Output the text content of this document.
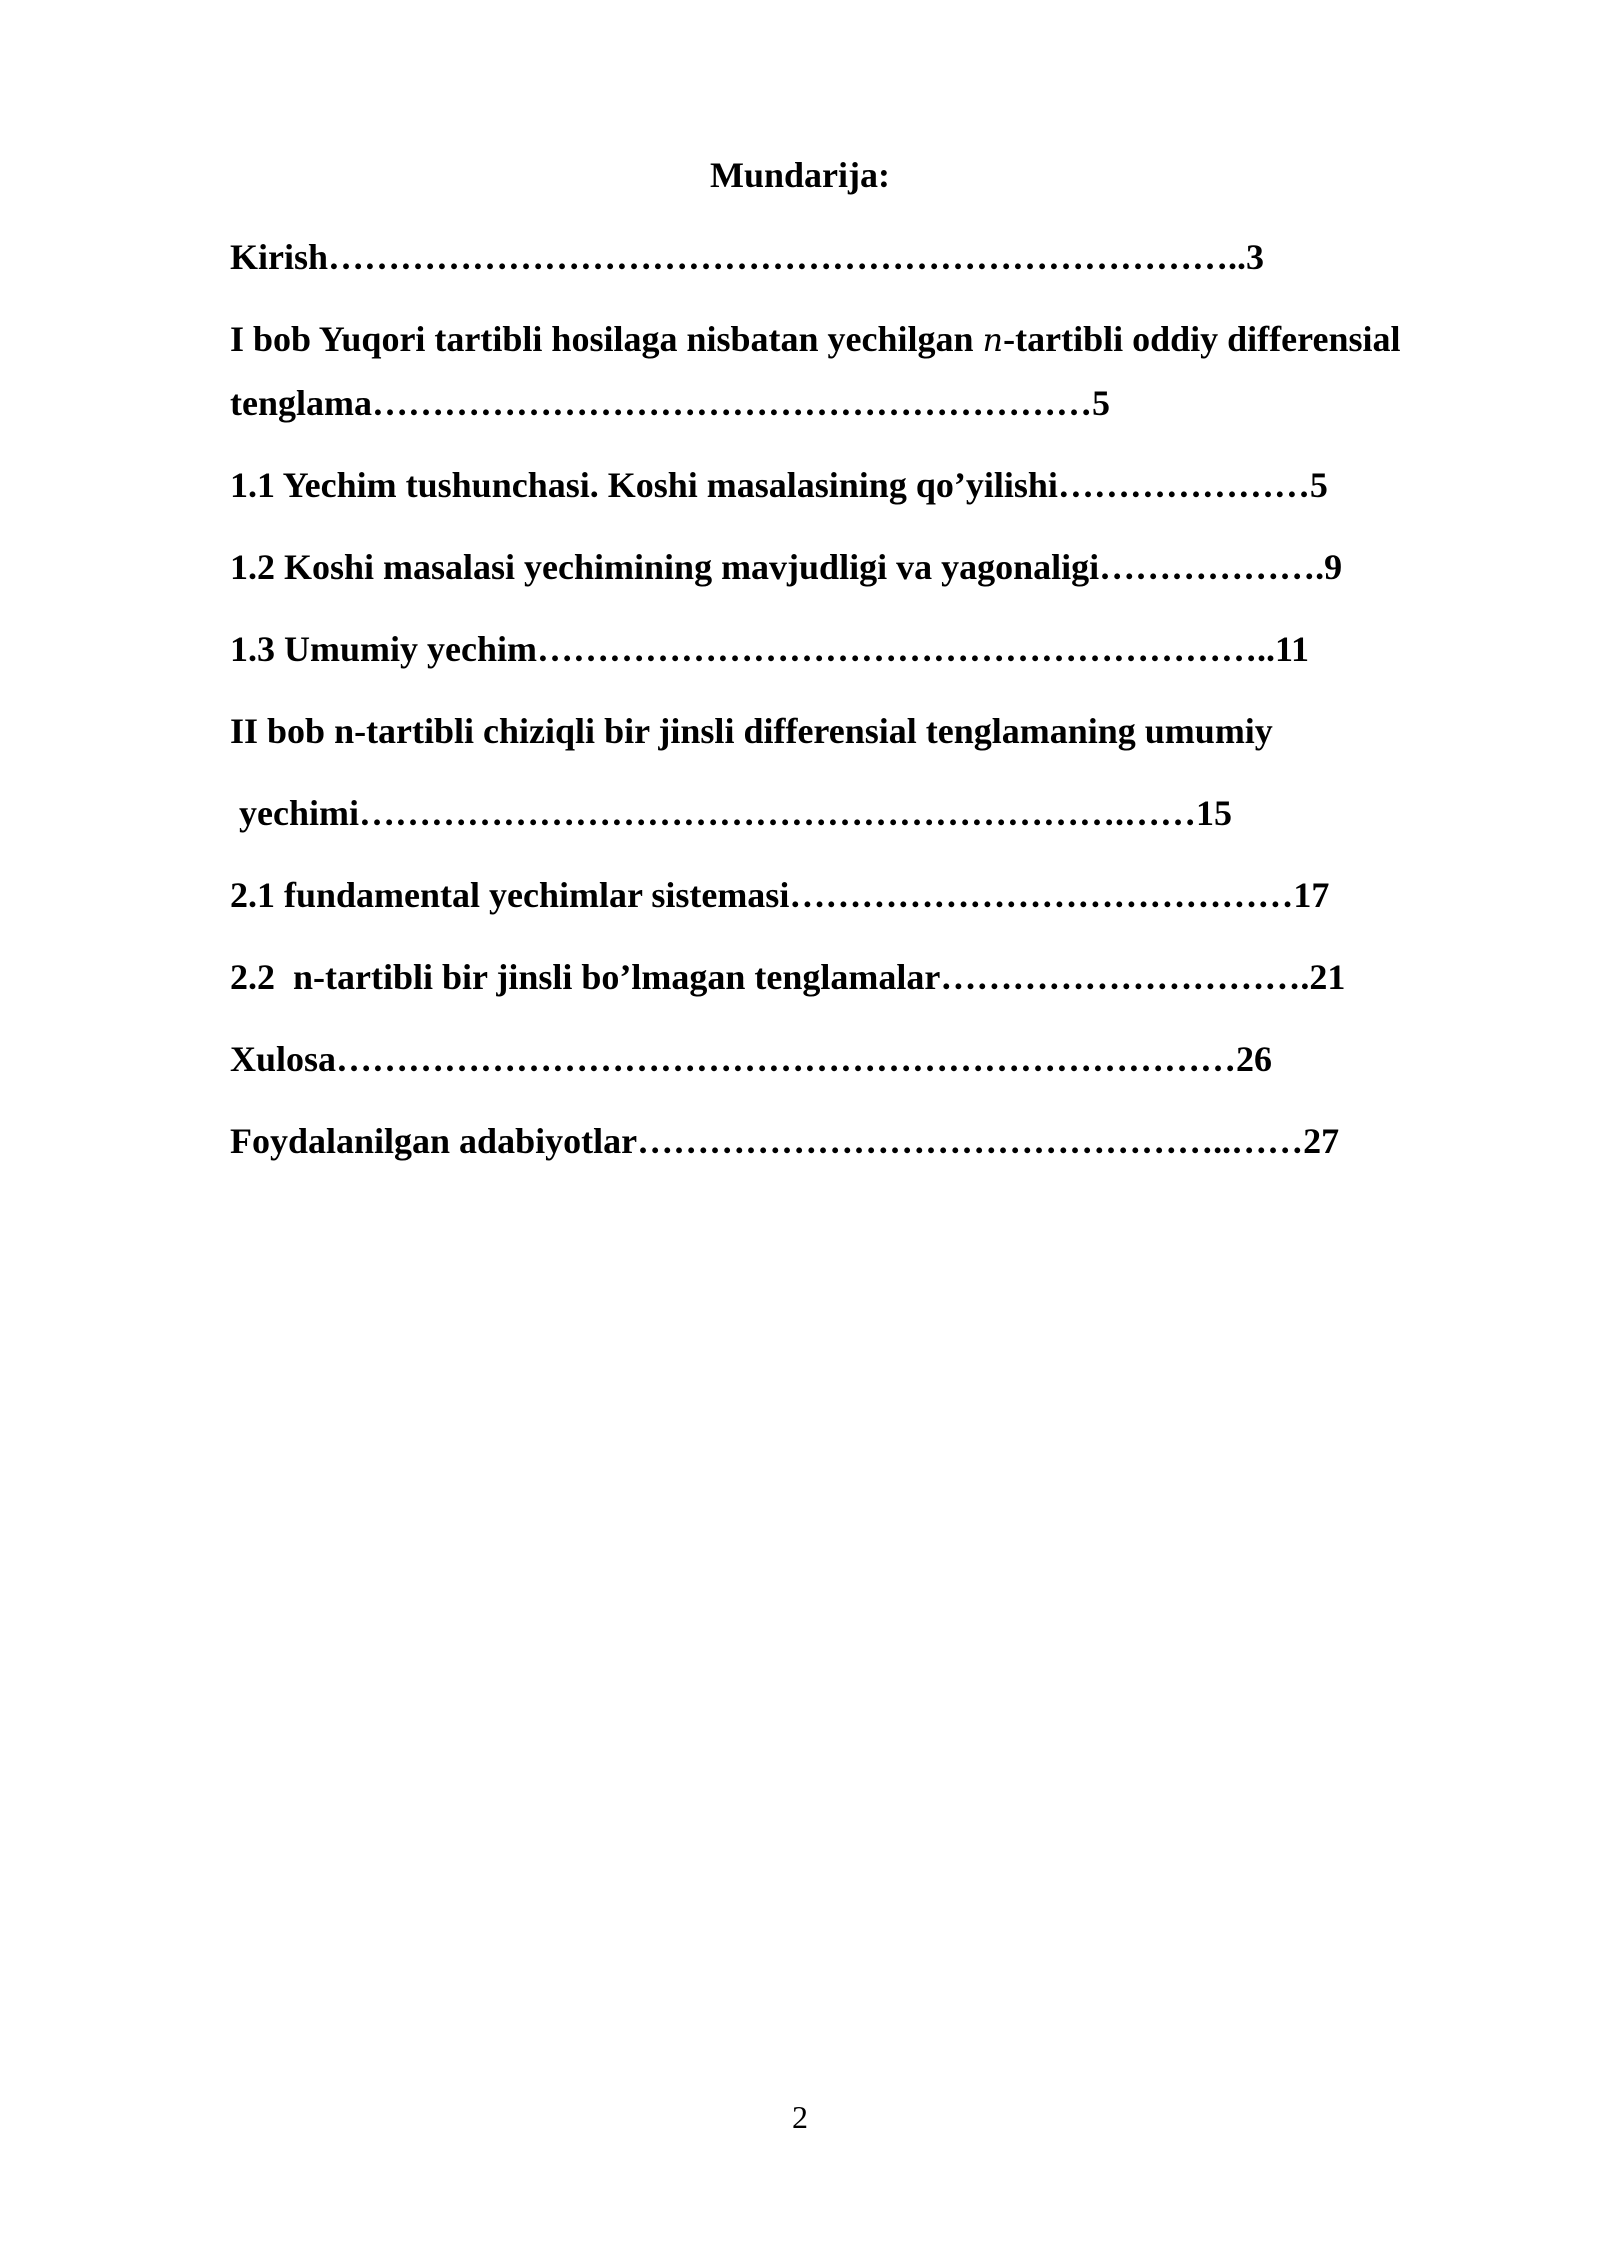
Mundarija:
Kirish…………………………………………………………………..3
I bob Yuqori tartibli hosilaga nisbatan yechilgan n-tartibli oddiy differensial
tenglama……………………………………………………5
1.1 Yechim tushunchasi. Koshi masalasining qo’yilishi…………………5
1.2 Koshi masalasi yechimining mavjudligi va yagonaligi……………….9
1.3 Umumiy yechim……………………………………………………..11
II bob n-tartibli chiziqli bir jinsli differensial tenglamaning umumiy
yechimi……………………………………………………….……15
2.1 fundamental yechimlar sistemasi……………………………………17
2.2  n-tartibli bir jinsli bo’lmagan tenglamalar………………………….21
Xulosa…………………………………………………………………26
Foydalanilgan adabiyotlar…………………………………………..……27
2
